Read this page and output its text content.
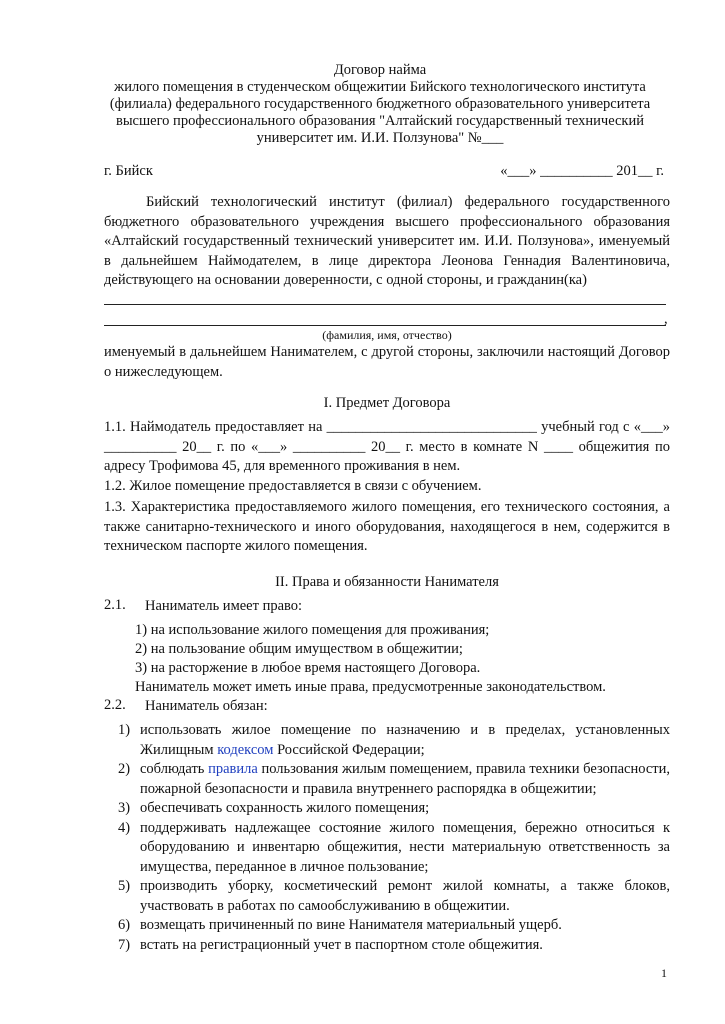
Договор найма
жилого помещения в студенческом общежитии Бийского технологического института
(филиала) федерального государственного бюджетного образовательного университета
высшего профессионального образования "Алтайский государственный технический
университет им. И.И. Ползунова" №___
г. Бийск	«___» __________ 201__ г.
Бийский технологический институт (филиал) федерального государственного бюджетного образовательного учреждения высшего профессионального образования «Алтайский государственный технический университет им. И.И. Ползунова», именуемый в дальнейшем Наймодателем, в лице директора Леонова Геннадия Валентиновича, действующего на основании доверенности, с одной стороны, и гражданин(ка)
,
(фамилия, имя, отчество)
именуемый в дальнейшем Нанимателем, с другой стороны, заключили настоящий Договор о нижеследующем.
I. Предмет Договора
1.1. Наймодатель предоставляет на _____________________________ учебный год с «___» __________ 20__ г. по «___» __________ 20__ г. место в комнате N ____ общежития по адресу Трофимова 45, для временного проживания в нем.
1.2. Жилое помещение предоставляется в связи с обучением.
1.3. Характеристика предоставляемого жилого помещения, его технического состояния, а также санитарно-технического и иного оборудования, находящегося в нем, содержится в техническом паспорте жилого помещения.
II. Права и обязанности Нанимателя
2.1. Наниматель имеет право:
1) на использование жилого помещения для проживания;
2) на пользование общим имуществом в общежитии;
3) на расторжение в любое время настоящего Договора.
Наниматель может иметь иные права, предусмотренные законодательством.
2.2. Наниматель обязан:
1) использовать жилое помещение по назначению и в пределах, установленных Жилищным кодексом Российской Федерации;
2) соблюдать правила пользования жилым помещением, правила техники безопасности, пожарной безопасности и правила внутреннего распорядка в общежитии;
3) обеспечивать сохранность жилого помещения;
4) поддерживать надлежащее состояние жилого помещения, бережно относиться к оборудованию и инвентарю общежития, нести материальную ответственность за имущества, переданное в личное пользование;
5) производить уборку, косметический ремонт жилой комнаты, а также блоков, участвовать в работах по самообслуживанию в общежитии.
6) возмещать причиненный по вине Нанимателя материальный ущерб.
7) встать на регистрационный учет в паспортном столе общежития.
1
